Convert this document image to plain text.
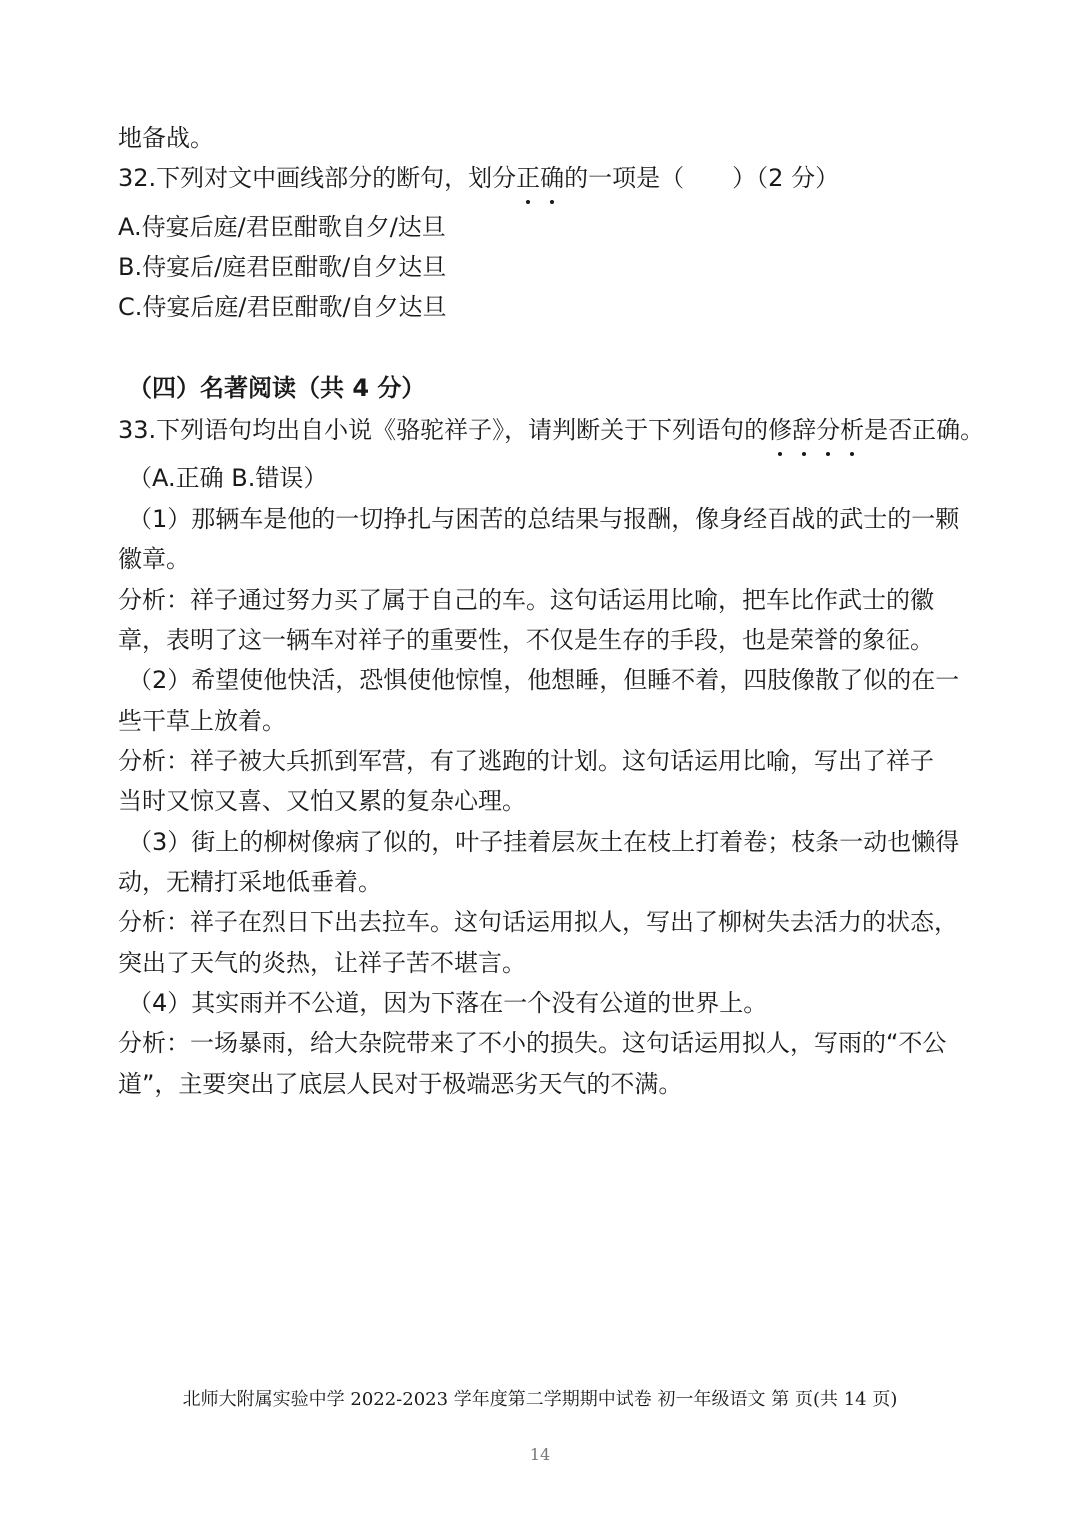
地备战。
32.下列对文中画线部分的断句，划分正确的一项是（　　）（2 分）
A.侍宴后庭/君臣酣歌自夕/达旦
B.侍宴后/庭君臣酣歌/自夕达旦
C.侍宴后庭/君臣酣歌/自夕达旦
（四）名著阅读（共 4 分）
33.下列语句均出自小说《骆驼祥子》，请判断关于下列语句的修辞分析是否正确。
（A.正确 B.错误）
（1）那辆车是他的一切挣扎与困苦的总结果与报酬，像身经百战的武士的一颗
徽章。
分析：祥子通过努力买了属于自己的车。这句话运用比喻，把车比作武士的徽
章，表明了这一辆车对祥子的重要性，不仅是生存的手段，也是荣誉的象征。
（2）希望使他快活，恐惧使他惊惶，他想睡，但睡不着，四肢像散了似的在一
些干草上放着。
分析：祥子被大兵抓到军营，有了逃跑的计划。这句话运用比喻，写出了祥子
当时又惊又喜、又怕又累的复杂心理。
（3）街上的柳树像病了似的，叶子挂着层灰土在枝上打着卷；枝条一动也懒得
动，无精打采地低垂着。
分析：祥子在烈日下出去拉车。这句话运用拟人，写出了柳树失去活力的状态，
突出了天气的炎热，让祥子苦不堪言。
（4）其实雨并不公道，因为下落在一个没有公道的世界上。
分析：一场暴雨，给大杂院带来了不小的损失。这句话运用拟人，写雨的“不公
道”，主要突出了底层人民对于极端恶劣天气的不满。
北师大附属实验中学 2022-2023 学年度第二学期期中试卷 初一年级语文 第 页(共 14 页)
14
